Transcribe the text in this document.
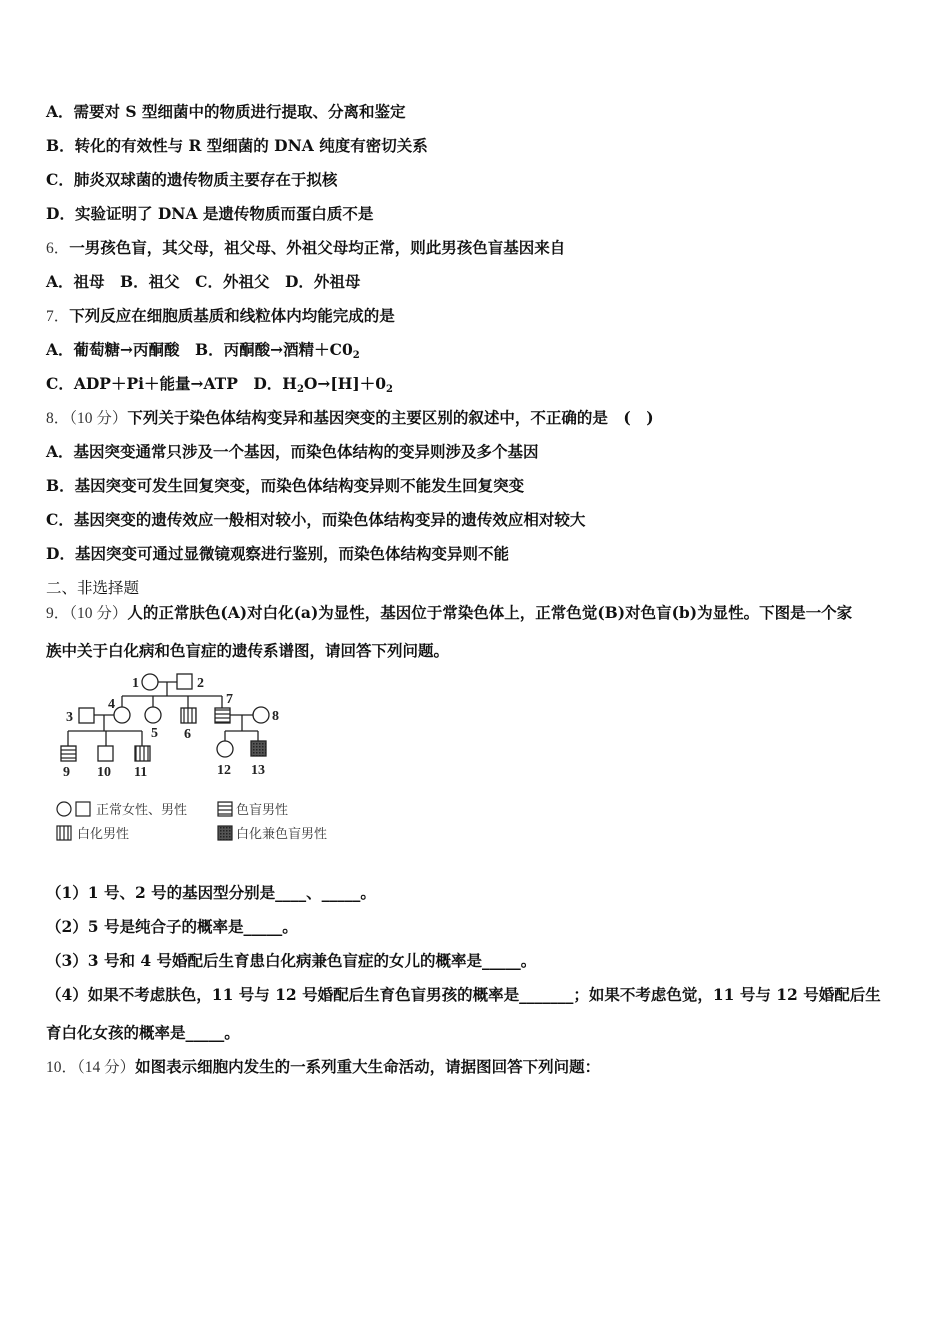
A．需要对 S 型细菌中的物质进行提取、分离和鉴定
B．转化的有效性与 R 型细菌的 DNA 纯度有密切关系
C．肺炎双球菌的遗传物质主要存在于拟核
D．实验证明了 DNA 是遗传物质而蛋白质不是
6．一男孩色盲，其父母，祖父母、外祖父母均正常，则此男孩色盲基因来自
A．祖母　B．祖父　C．外祖父　D．外祖母
7．下列反应在细胞质基质和线粒体内均能完成的是
A．葡萄糖→丙酮酸　B．丙酮酸→酒精$+C0_2$
C．ADP＋Pi＋能量→ATP　D．$H_2O\to[H]+0_2$
8．（10 分）下列关于染色体结构变异和基因突变的主要区别的叙述中，不正确的是　(　)
A．基因突变通常只涉及一个基因，而染色体结构的变异则涉及多个基因
B．基因突变可发生回复突变，而染色体结构变异则不能发生回复突变
C．基因突变的遗传效应一般相对较小，而染色体结构变异的遗传效应相对较大
D．基因突变可通过显微镜观察进行鉴别，而染色体结构变异则不能
二、非选择题
9．（10 分）人的正常肤色(A)对白化(a)为显性，基因位于常染色体上，正常色觉(B)对色盲(b)为显性。下图是一个家
族中关于白化病和色盲症的遗传系谱图，请回答下列问题。
1	2
3
4
5 6
7
8
9 10 11	12 13
正常女性、男性	色盲男性
白化男性	白化兼色盲男性
（1）1 号、2 号的基因型分别是____、_____。
（2）5 号是纯合子的概率是_____。
（3）3 号和 4 号婚配后生育患白化病兼色盲症的女儿的概率是_____。
（4）如果不考虑肤色，11 号与 12 号婚配后生育色盲男孩的概率是_______；如果不考虑色觉，11 号与 12 号婚配后生
育白化女孩的概率是_____。
10．（14 分）如图表示细胞内发生的一系列重大生命活动，请据图回答下列问题：
